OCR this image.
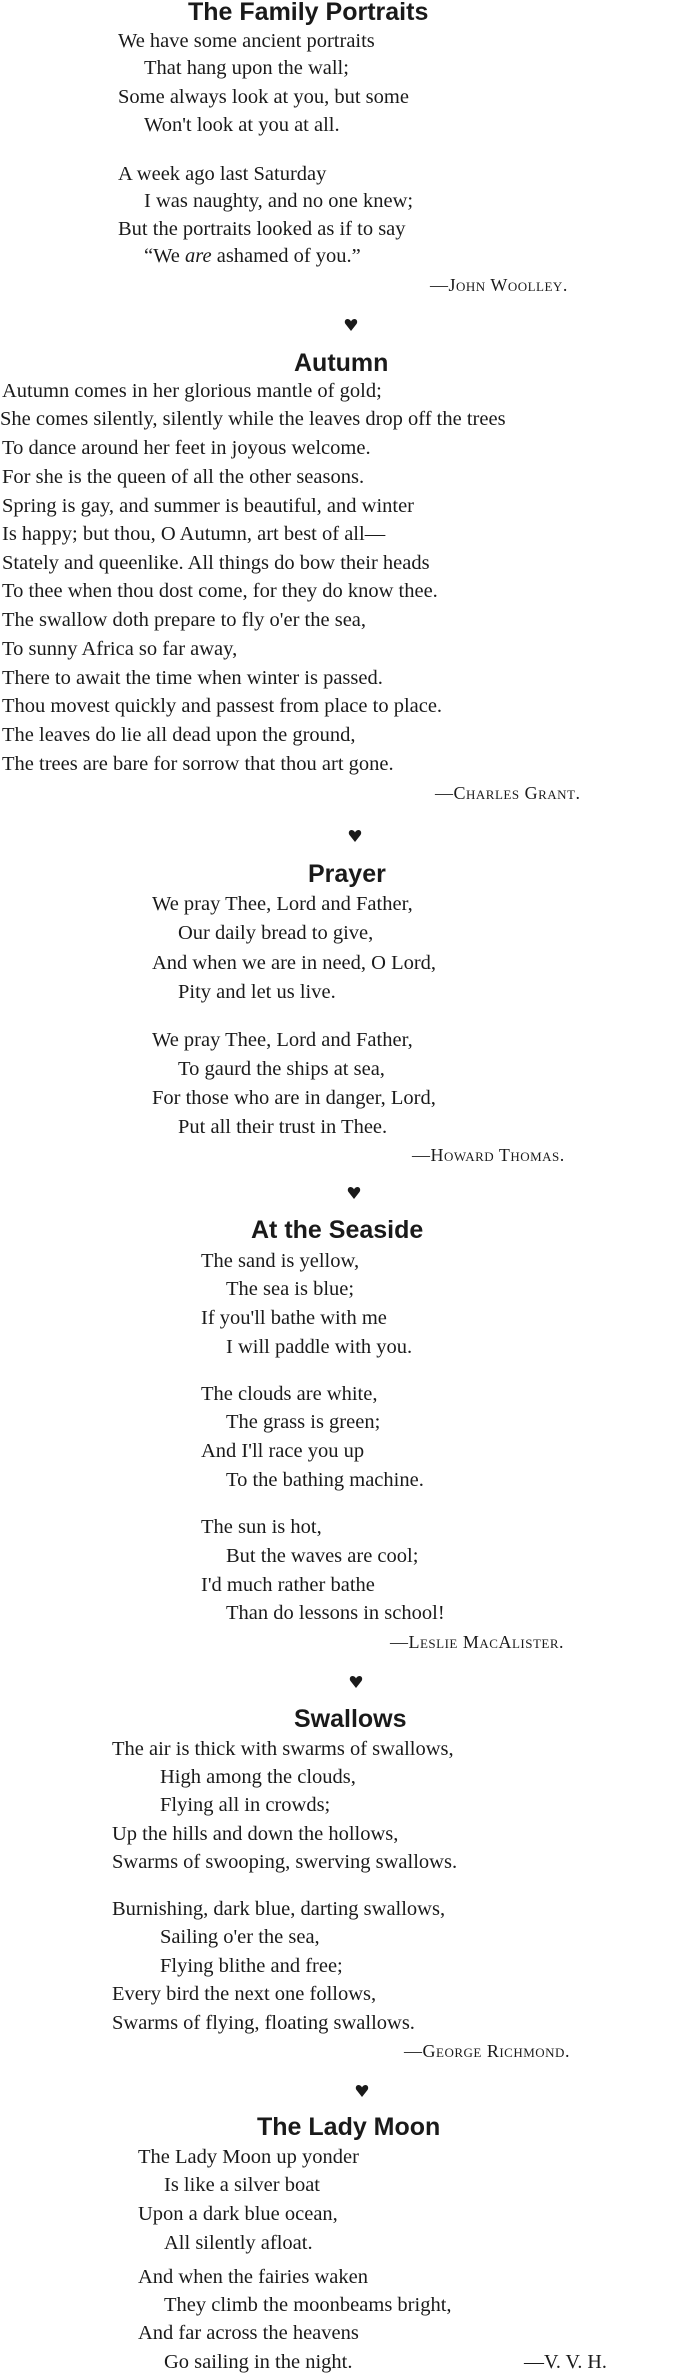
The Family Portraits
We have some ancient portraits
That hang upon the wall;
Some always look at you, but some
Won't look at you at all.
A week ago last Saturday
I was naughty, and no one knew;
But the portraits looked as if to say
“We are ashamed of you.”
—John Woolley.
Autumn
Autumn comes in her glorious mantle of gold;
She comes silently, silently while the leaves drop off the trees
To dance around her feet in joyous welcome.
For she is the queen of all the other seasons.
Spring is gay, and summer is beautiful, and winter
Is happy; but thou, O Autumn, art best of all—
Stately and queenlike. All things do bow their heads
To thee when thou dost come, for they do know thee.
The swallow doth prepare to fly o'er the sea,
To sunny Africa so far away,
There to await the time when winter is passed.
Thou movest quickly and passest from place to place.
The leaves do lie all dead upon the ground,
The trees are bare for sorrow that thou art gone.
—Charles Grant.
Prayer
We pray Thee, Lord and Father,
Our daily bread to give,
And when we are in need, O Lord,
Pity and let us live.
We pray Thee, Lord and Father,
To gaurd the ships at sea,
For those who are in danger, Lord,
Put all their trust in Thee.
—Howard Thomas.
At the Seaside
The sand is yellow,
The sea is blue;
If you'll bathe with me
I will paddle with you.
The clouds are white,
The grass is green;
And I'll race you up
To the bathing machine.
The sun is hot,
But the waves are cool;
I'd much rather bathe
Than do lessons in school!
—Leslie MacAlister.
Swallows
The air is thick with swarms of swallows,
High among the clouds,
Flying all in crowds;
Up the hills and down the hollows,
Swarms of swooping, swerving swallows.
Burnishing, dark blue, darting swallows,
Sailing o'er the sea,
Flying blithe and free;
Every bird the next one follows,
Swarms of flying, floating swallows.
—George Richmond.
The Lady Moon
The Lady Moon up yonder
Is like a silver boat
Upon a dark blue ocean,
All silently afloat.
And when the fairies waken
They climb the moonbeams bright,
And far across the heavens
Go sailing in the night.	—V. V. H.
